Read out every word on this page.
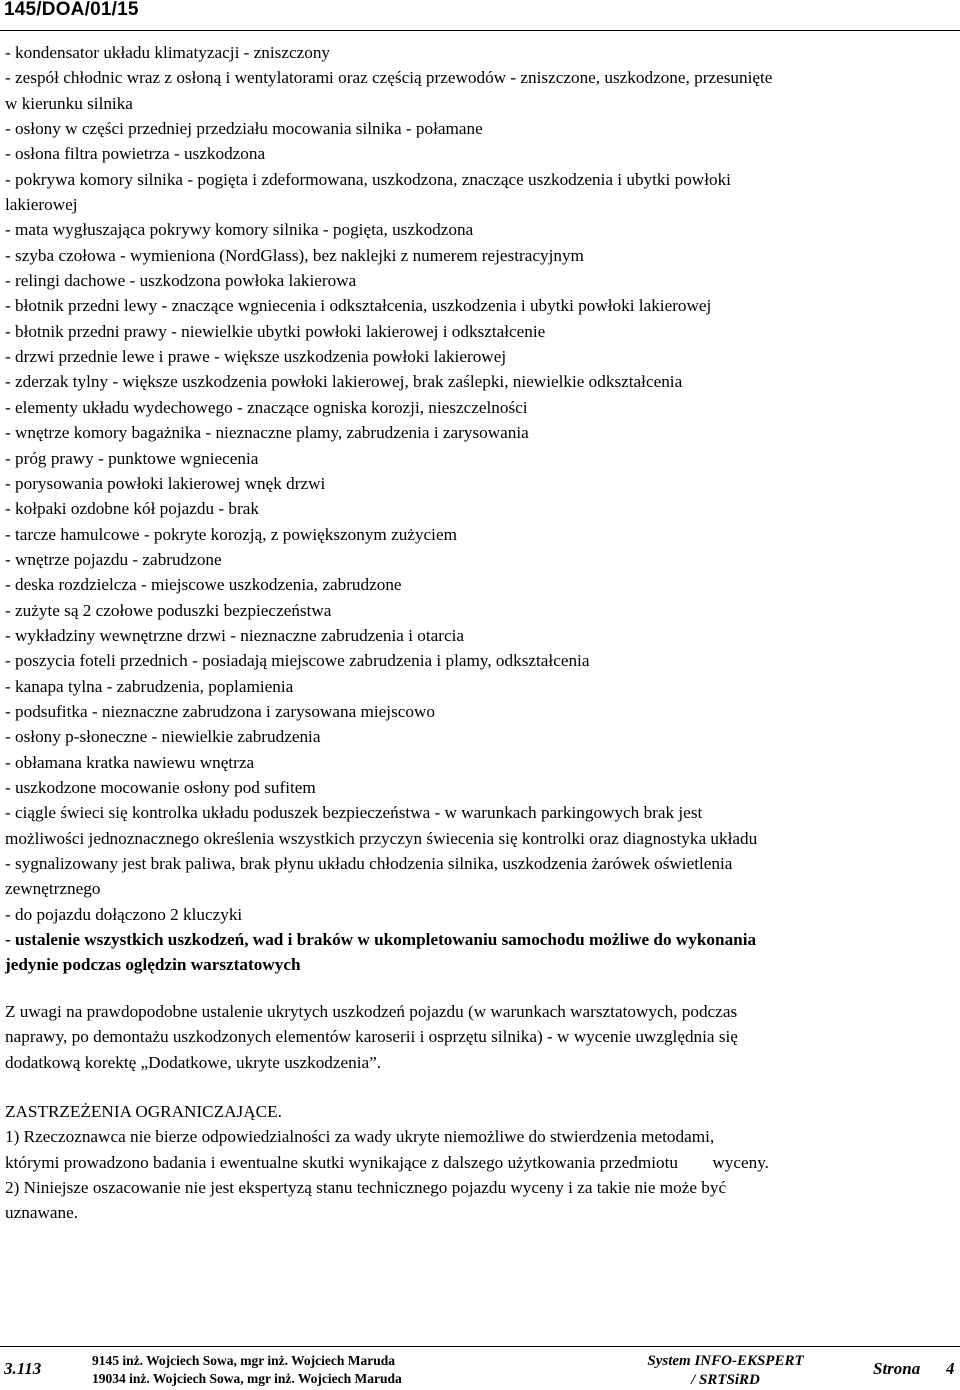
145/DOA/01/15
- kondensator układu klimatyzacji - zniszczony
- zespół chłodnic wraz z osłoną i wentylatorami oraz częścią przewodów - zniszczone, uszkodzone, przesunięte
w kierunku silnika
- osłony w części przedniej przedziału mocowania silnika - połamane
- osłona filtra powietrza - uszkodzona
- pokrywa komory silnika - pogięta i zdeformowana, uszkodzona, znaczące uszkodzenia i ubytki powłoki
lakierowej
- mata wygłuszająca pokrywy komory silnika - pogięta, uszkodzona
- szyba czołowa - wymieniona (NordGlass), bez naklejki z numerem rejestracyjnym
- relingi dachowe - uszkodzona powłoka lakierowa
- błotnik przedni lewy - znaczące wgniecenia i odkształcenia, uszkodzenia i ubytki powłoki lakierowej
- błotnik przedni prawy - niewielkie ubytki powłoki lakierowej i odkształcenie
- drzwi przednie lewe i prawe - większe uszkodzenia powłoki lakierowej
- zderzak tylny - większe uszkodzenia powłoki lakierowej, brak zaślepki, niewielkie odkształcenia
- elementy układu wydechowego - znaczące ogniska korozji, nieszczelności
- wnętrze komory bagażnika - nieznaczne plamy, zabrudzenia i zarysowania
- próg prawy - punktowe wgniecenia
- porysowania powłoki lakierowej wnęk drzwi
- kołpaki ozdobne kół pojazdu - brak
- tarcze hamulcowe - pokryte korozją, z powiększonym zużyciem
- wnętrze pojazdu - zabrudzone
- deska rozdzielcza - miejscowe uszkodzenia, zabrudzone
- zużyte są 2 czołowe poduszki bezpieczeństwa
- wykładziny wewnętrzne drzwi - nieznaczne zabrudzenia i otarcia
- poszycia foteli przednich - posiadają miejscowe zabrudzenia i plamy, odkształcenia
- kanapa tylna - zabrudzenia, poplamienia
- podsufitka - nieznaczne zabrudzona i zarysowana miejscowo
- osłony p-słoneczne - niewielkie zabrudzenia
- obłamana kratka nawiewu wnętrza
- uszkodzone mocowanie osłony pod sufitem
- ciągle świeci się kontrolka układu poduszek bezpieczeństwa - w warunkach parkingowych brak jest
możliwości jednoznacznego określenia wszystkich przyczyn świecenia się kontrolki oraz diagnostyka układu
- sygnalizowany jest brak paliwa, brak płynu układu chłodzenia silnika, uszkodzenia żarówek oświetlenia
zewnętrznego
- do pojazdu dołączono 2 kluczyki
- ustalenie wszystkich uszkodzeń, wad i braków w ukompletowaniu samochodu możliwe do wykonania
jedynie podczas oględzin warsztatowych
Z uwagi na prawdopodobne ustalenie ukrytych uszkodzeń pojazdu (w warunkach warsztatowych, podczas
naprawy, po demontażu uszkodzonych elementów karoserii i osprzętu silnika) - w wycenie uwzględnia się
dodatkową korektę „Dodatkowe, ukryte uszkodzenia”.
ZASTRZEŻENIA OGRANICZAJĄCE.
1) Rzeczoznawca nie bierze odpowiedzialności za wady ukryte niemożliwe do stwierdzenia metodami,
którymi prowadzono badania i ewentualne skutki wynikające z dalszego użytkowania przedmiotu        wyceny.
2) Niniejsze oszacowanie nie jest ekspertyzą stanu technicznego pojazdu wyceny i za takie nie może być
uznawane.
3.113	9145 inż. Wojciech Sowa, mgr inż. Wojciech Maruda
19034 inż. Wojciech Sowa, mgr inż. Wojciech Maruda
System INFO-EKSPERT
/ SRTSiRD
Strona 4
